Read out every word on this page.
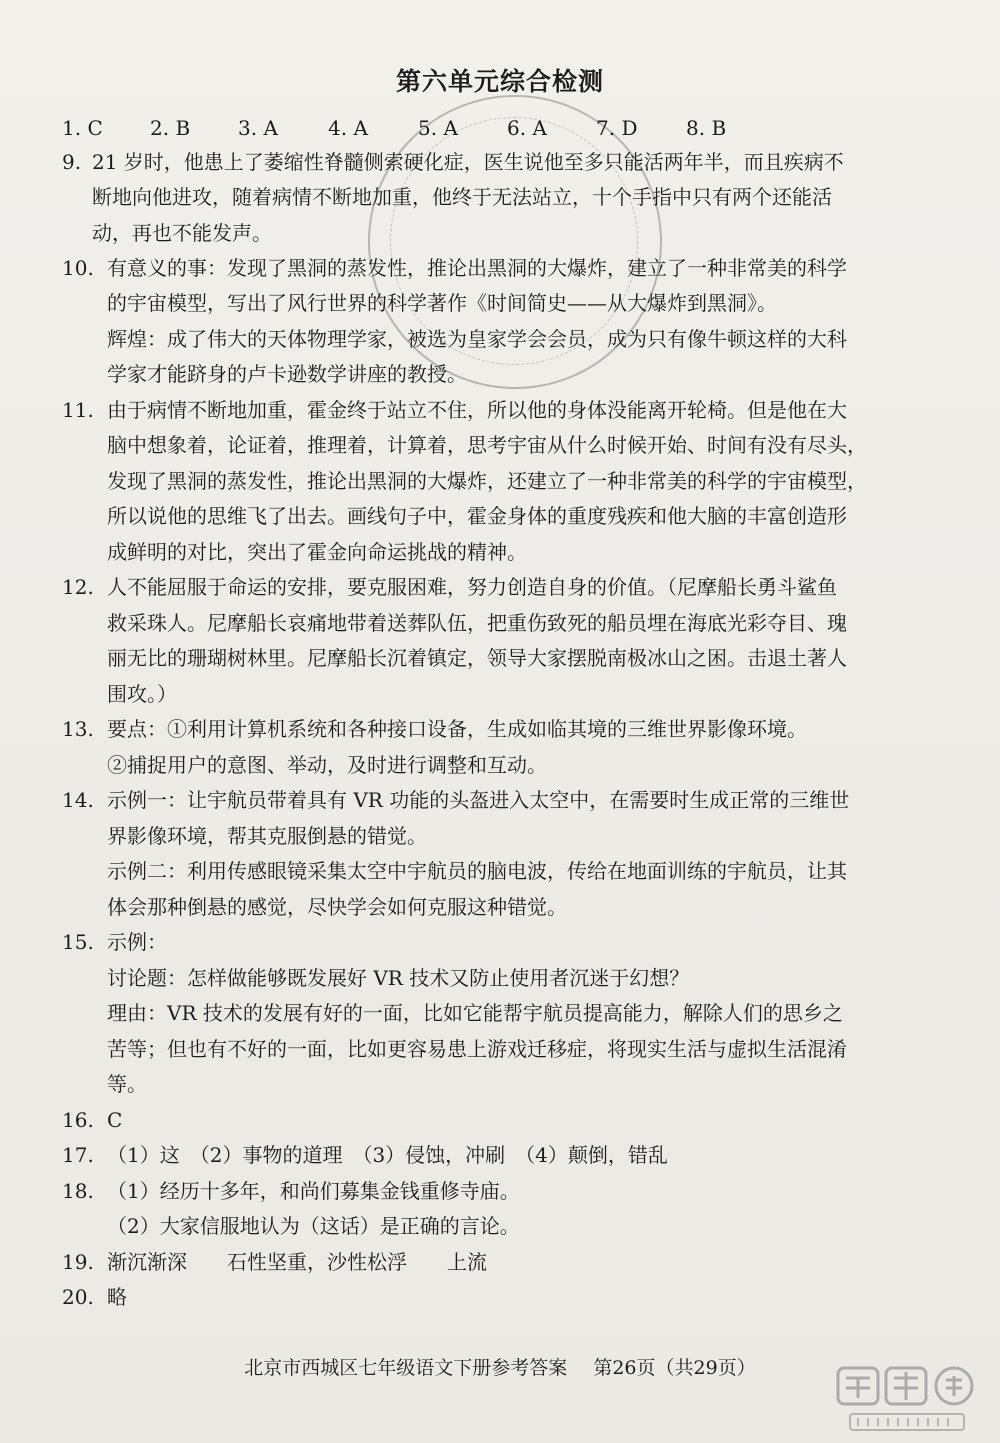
第六单元综合检测
1. C 2. B 3. A	4. A	5. A 6. A 7. D 8. B
9. 21 岁时，他患上了萎缩性脊髓侧索硬化症，医生说他至多只能活两年半，而且疾病不
断地向他进攻，随着病情不断地加重，他终于无法站立，十个手指中只有两个还能活
动，再也不能发声。
10. 有意义的事：发现了黑洞的蒸发性，推论出黑洞的大爆炸，建立了一种非常美的科学
的宇宙模型，写出了风行世界的科学著作《时间简史——从大爆炸到黑洞》。
辉煌：成了伟大的天体物理学家，被选为皇家学会会员，成为只有像牛顿这样的大科
学家才能跻身的卢卡逊数学讲座的教授。
11. 由于病情不断地加重，霍金终于站立不住，所以他的身体没能离开轮椅。但是他在大
脑中想象着，论证着，推理着，计算着，思考宇宙从什么时候开始、时间有没有尽头，
发现了黑洞的蒸发性，推论出黑洞的大爆炸，还建立了一种非常美的科学的宇宙模型，
所以说他的思维飞了出去。画线句子中，霍金身体的重度残疾和他大脑的丰富创造形
成鲜明的对比，突出了霍金向命运挑战的精神。
12. 人不能屈服于命运的安排，要克服困难，努力创造自身的价值。（尼摩船长勇斗鲨鱼
救采珠人。尼摩船长哀痛地带着送葬队伍，把重伤致死的船员埋在海底光彩夺目、瑰
丽无比的珊瑚树林里。尼摩船长沉着镇定，领导大家摆脱南极冰山之困。击退土著人
围攻。）
13. 要点：①利用计算机系统和各种接口设备，生成如临其境的三维世界影像环境。
②捕捉用户的意图、举动，及时进行调整和互动。
14. 示例一：让宇航员带着具有 VR 功能的头盔进入太空中，在需要时生成正常的三维世
界影像环境，帮其克服倒悬的错觉。
示例二：利用传感眼镜采集太空中宇航员的脑电波，传给在地面训练的宇航员，让其
体会那种倒悬的感觉，尽快学会如何克服这种错觉。
15. 示例：
讨论题：怎样做能够既发展好 VR 技术又防止使用者沉迷于幻想？
理由：VR 技术的发展有好的一面，比如它能帮宇航员提高能力，解除人们的思乡之
苦等；但也有不好的一面，比如更容易患上游戏迁移症，将现实生活与虚拟生活混淆
等。
16. C
17. （1）这　（2）事物的道理　（3）侵蚀，冲刷　（4）颠倒，错乱
18. （1）经历十多年，和尚们募集金钱重修寺庙。
（2）大家信服地认为（这话）是正确的言论。
19. 渐沉渐深　　石性坚重，沙性松浮　　上流
20. 略
北京市西城区七年级语文下册参考答案 第26页（共29页）
